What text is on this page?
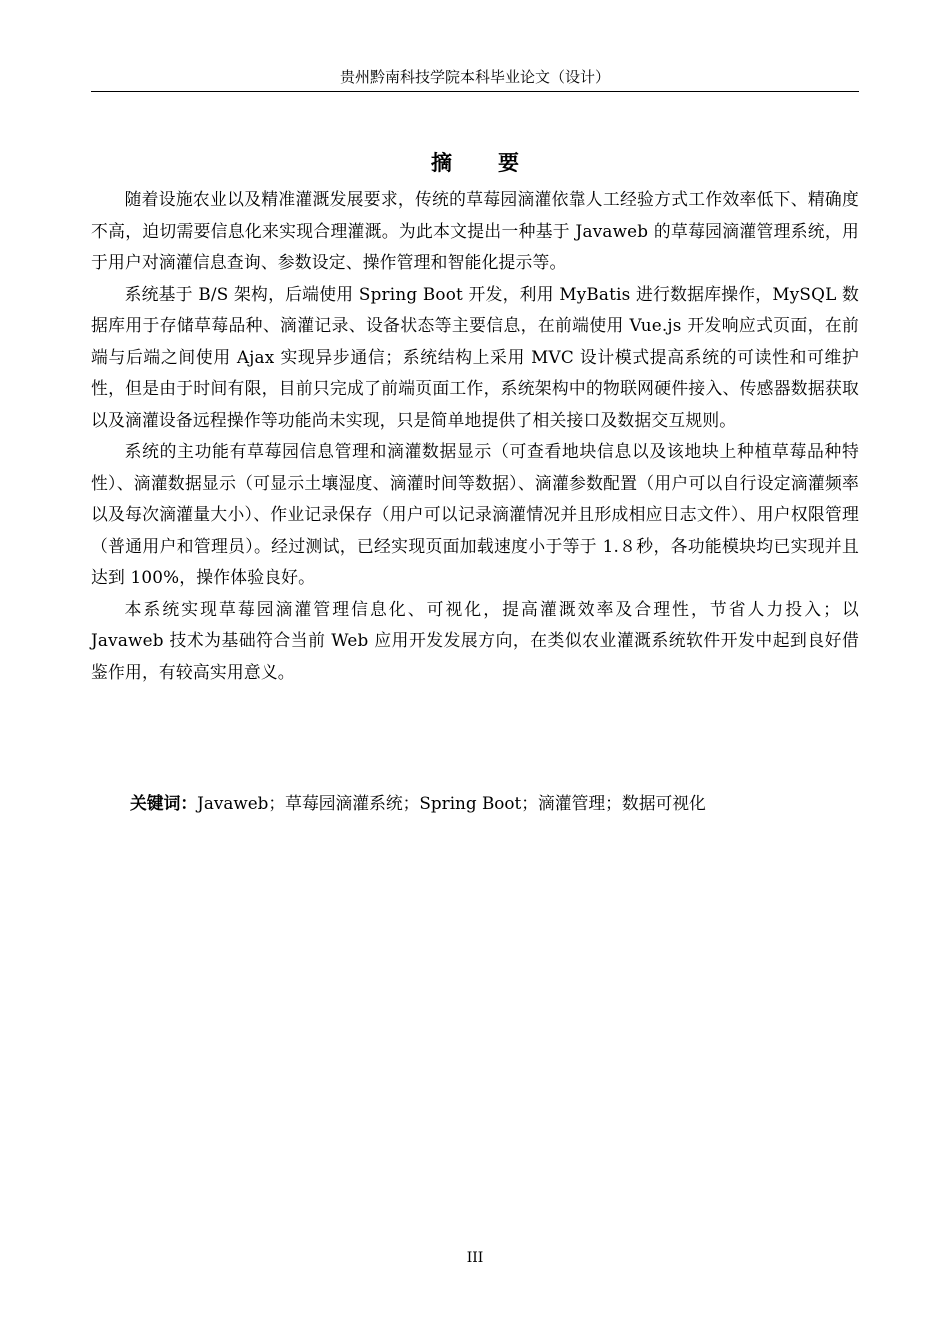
贵州黔南科技学院本科毕业论文（设计）
摘 要

随着设施农业以及精准灌溉发展要求，传统的草莓园滴灌依靠人工经验方式工作效率低下、精确度不高，迫切需要信息化来实现合理灌溉。为此本文提出一种基于 Javaweb 的草莓园滴灌管理系统，用于用户对滴灌信息查询、参数设定、操作管理和智能化提示等。

系统基于 B/S 架构，后端使用 Spring Boot 开发，利用 MyBatis 进行数据库操作，MySQL 数据库用于存储草莓品种、滴灌记录、设备状态等主要信息，在前端使用 Vue.js 开发响应式页面，在前端与后端之间使用 Ajax 实现异步通信；系统结构上采用 MVC 设计模式提高系统的可读性和可维护性，但是由于时间有限，目前只完成了前端页面工作，系统架构中的物联网硬件接入、传感器数据获取以及滴灌设备远程操作等功能尚未实现，只是简单地提供了相关接口及数据交互规则。

系统的主功能有草莓园信息管理和滴灌数据显示（可查看地块信息以及该地块上种植草莓品种特性）、滴灌数据显示（可显示土壤湿度、滴灌时间等数据）、滴灌参数配置（用户可以自行设定滴灌频率以及每次滴灌量大小）、作业记录保存（用户可以记录滴灌情况并且形成相应日志文件）、用户权限管理（普通用户和管理员）。经过测试，已经实现页面加载速度小于等于 1.８秒，各功能模块均已实现并且达到 100%，操作体验良好。

本系统实现草莓园滴灌管理信息化、可视化，提高灌溉效率及合理性，节省人力投入；以 Javaweb 技术为基础符合当前 Web 应用开发发展方向，在类似农业灌溉系统软件开发中起到良好借鉴作用，有较高实用意义。

关键词：Javaweb；草莓园滴灌系统；Spring Boot；滴灌管理；数据可视化
III
